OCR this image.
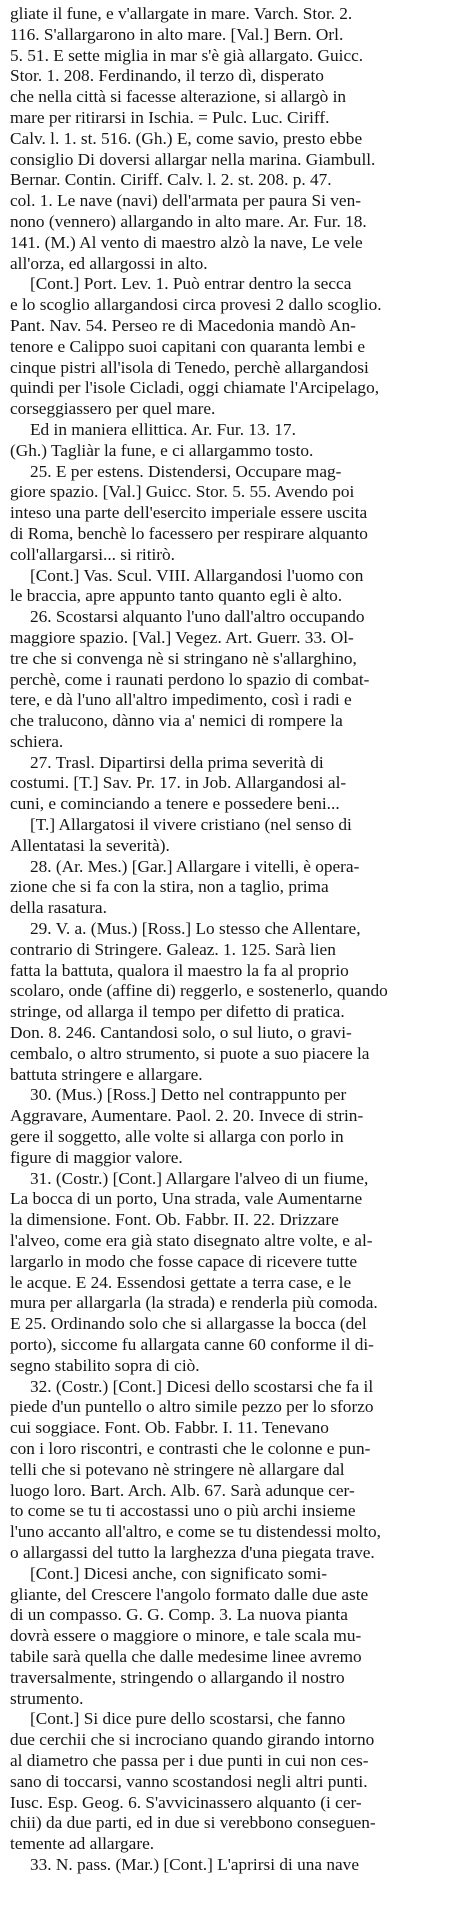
gliate il fune, e v'allargate in mare. Varch. Stor. 2.
116. S'allargarono in alto mare. [Val.] Bern. Orl.
5. 51. E sette miglia in mar s'è già allargato. Guicc.
Stor. 1. 208. Ferdinando, il terzo dì, disperato
che nella città si facesse alterazione, si allargò in
mare per ritirarsi in Ischia. = Pulc. Luc. Ciriff.
Calv. l. 1. st. 516. (Gh.) E, come savio, presto ebbe
consiglio Di doversi allargar nella marina. Giambull.
Bernar. Contin. Ciriff. Calv. l. 2. st. 208. p. 47.
col. 1. Le nave (navi) dell'armata per paura Si ven-
nono (vennero) allargando in alto mare. Ar. Fur. 18.
141. (M.) Al vento di maestro alzò la nave, Le vele
all'orza, ed allargossi in alto.
[Cont.] Port. Lev. 1. Può entrar dentro la secca
e lo scoglio allargandosi circa provesi 2 dallo scoglio.
Pant. Nav. 54. Perseo re di Macedonia mandò An-
tenore e Calippo suoi capitani con quaranta lembi e
cinque pistri all'isola di Tenedo, perchè allargandosi
quindi per l'isole Cicladi, oggi chiamate l'Arcipelago,
corseggiassero per quel mare.
Ed in maniera ellittica. Ar. Fur. 13. 17.
(Gh.) Tagliàr la fune, e ci allargammo tosto.
25. E per estens. Distendersi, Occupare mag-
giore spazio. [Val.] Guicc. Stor. 5. 55. Avendo poi
inteso una parte dell'esercito imperiale essere uscita
di Roma, benchè lo facessero per respirare alquanto
coll'allargarsi... si ritirò.
[Cont.] Vas. Scul. VIII. Allargandosi l'uomo con
le braccia, apre appunto tanto quanto egli è alto.
26. Scostarsi alquanto l'uno dall'altro occupando
maggiore spazio. [Val.] Vegez. Art. Guerr. 33. Ol-
tre che si convenga nè si stringano nè s'allarghino,
perchè, come i raunati perdono lo spazio di combat-
tere, e dà l'uno all'altro impedimento, così i radi e
che tralucono, dànno via a' nemici di rompere la
schiera.
27. Trasl. Dipartirsi della prima severità di
costumi. [T.] Sav. Pr. 17. in Job. Allargandosi al-
cuni, e cominciando a tenere e possedere beni...
[T.] Allargatosi il vivere cristiano (nel senso di
Allentatasi la severità).
28. (Ar. Mes.) [Gar.] Allargare i vitelli, è opera-
zione che si fa con la stira, non a taglio, prima
della rasatura.
29. V. a. (Mus.) [Ross.] Lo stesso che Allentare,
contrario di Stringere. Galeaz. 1. 125. Sarà lien
fatta la battuta, qualora il maestro la fa al proprio
scolaro, onde (affine di) reggerlo, e sostenerlo, quando
stringe, od allarga il tempo per difetto di pratica.
Don. 8. 246. Cantandosi solo, o sul liuto, o gravi-
cembalo, o altro strumento, si puote a suo piacere la
battuta stringere e allargare.
30. (Mus.) [Ross.] Detto nel contrappunto per
Aggravare, Aumentare. Paol. 2. 20. Invece di strin-
gere il soggetto, alle volte si allarga con porlo in
figure di maggior valore.
31. (Costr.) [Cont.] Allargare l'alveo di un fiume,
La bocca di un porto, Una strada, vale Aumentarne
la dimensione. Font. Ob. Fabbr. II. 22. Drizzare
l'alveo, come era già stato disegnato altre volte, e al-
largarlo in modo che fosse capace di ricevere tutte
le acque. E 24. Essendosi gettate a terra case, e le
mura per allargarla (la strada) e renderla più comoda.
E 25. Ordinando solo che si allargasse la bocca (del
porto), siccome fu allargata canne 60 conforme il di-
segno stabilito sopra di ciò.
32. (Costr.) [Cont.] Dicesi dello scostarsi che fa il
piede d'un puntello o altro simile pezzo per lo sforzo
cui soggiace. Font. Ob. Fabbr. I. 11. Tenevano
con i loro riscontri, e contrasti che le colonne e pun-
telli che si potevano nè stringere nè allargare dal
luogo loro. Bart. Arch. Alb. 67. Sarà adunque cer-
to come se tu ti accostassi uno o più archi insieme
l'uno accanto all'altro, e come se tu distendessi molto,
o allargassi del tutto la larghezza d'una piegata trave.
[Cont.] Dicesi anche, con significato somi-
gliante, del Crescere l'angolo formato dalle due aste
di un compasso. G. G. Comp. 3. La nuova pianta
dovrà essere o maggiore o minore, e tale scala mu-
tabile sarà quella che dalle medesime linee avremo
traversalmente, stringendo o allargando il nostro
strumento.
[Cont.] Si dice pure dello scostarsi, che fanno
due cerchii che si incrociano quando girando intorno
al diametro che passa per i due punti in cui non ces-
sano di toccarsi, vanno scostandosi negli altri punti.
Iusc. Esp. Geog. 6. S'avvicinassero alquanto (i cer-
chii) da due parti, ed in due si verebbono conseguen-
temente ad allargare.
33. N. pass. (Mar.) [Cont.] L'aprirsi di una nave
